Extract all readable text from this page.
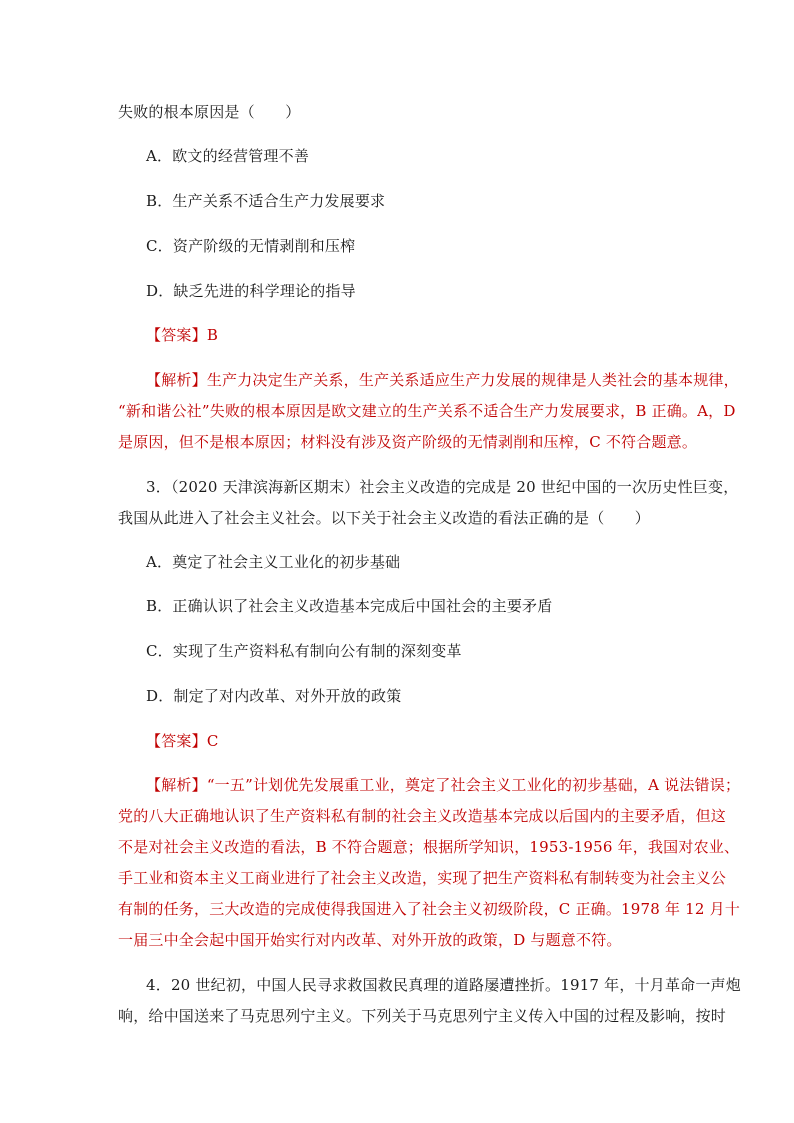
失败的根本原因是（　　）
A．欧文的经营管理不善
B．生产关系不适合生产力发展要求
C．资产阶级的无情剥削和压榨
D．缺乏先进的科学理论的指导
【答案】B
【解析】生产力决定生产关系，生产关系适应生产力发展的规律是人类社会的基本规律，
“新和谐公社”失败的根本原因是欧文建立的生产关系不适合生产力发展要求，B 正确。A，D
是原因，但不是根本原因；材料没有涉及资产阶级的无情剥削和压榨，C 不符合题意。
3．（2020 天津滨海新区期末）社会主义改造的完成是 20 世纪中国的一次历史性巨变，
我国从此进入了社会主义社会。以下关于社会主义改造的看法正确的是（　　）
A．奠定了社会主义工业化的初步基础
B．正确认识了社会主义改造基本完成后中国社会的主要矛盾
C．实现了生产资料私有制向公有制的深刻变革
D．制定了对内改革、对外开放的政策
【答案】C
【解析】“一五”计划优先发展重工业，奠定了社会主义工业化的初步基础，A 说法错误；
党的八大正确地认识了生产资料私有制的社会主义改造基本完成以后国内的主要矛盾，但这
不是对社会主义改造的看法，B 不符合题意；根据所学知识，1953-1956 年，我国对农业、
手工业和资本主义工商业进行了社会主义改造，实现了把生产资料私有制转变为社会主义公
有制的任务，三大改造的完成使得我国进入了社会主义初级阶段，C 正确。1978 年 12 月十
一届三中全会起中国开始实行对内改革、对外开放的政策，D 与题意不符。
4．20 世纪初，中国人民寻求救国救民真理的道路屡遭挫折。1917 年，十月革命一声炮
响，给中国送来了马克思列宁主义。下列关于马克思列宁主义传入中国的过程及影响，按时
